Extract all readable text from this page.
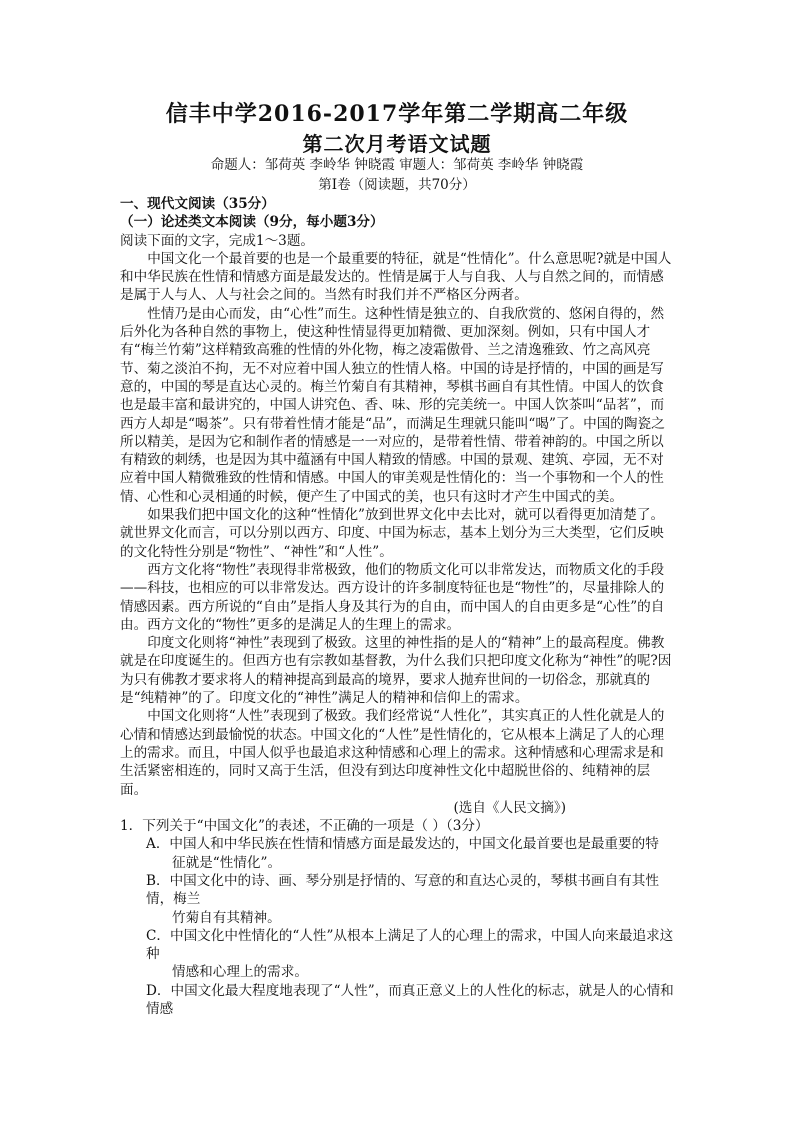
信丰中学2016-2017学年第二学期高二年级
第二次月考语文试题
命题人：邹荷英 李岭华 钟晓霞 审题人：邹荷英 李岭华 钟晓霞
第Ⅰ卷（阅读题，共70分）

一、现代文阅读（35分）

（一）论述类文本阅读（9分，每小题3分）

阅读下面的文字，完成1～3题。

中国文化一个最首要的也是一个最重要的特征，就是“性情化”。什么意思呢?就是中国人和中华民族在性情和情感方面是最发达的。性情是属于人与自我、人与自然之间的，而情感是属于人与人、人与社会之间的。当然有时我们并不严格区分两者。

性情乃是由心而发，由“心性”而生。这种性情是独立的、自我欣赏的、悠闲自得的，然后外化为各种自然的事物上，使这种性情显得更加精微、更加深刻。例如，只有中国人才有“梅兰竹菊”这样精致高雅的性情的外化物，梅之凌霜傲骨、兰之清逸雅致、竹之高风亮节、菊之淡泊不拘，无不对应着中国人独立的性情人格。中国的诗是抒情的，中国的画是写意的，中国的琴是直达心灵的。梅兰竹菊自有其精神，琴棋书画自有其性情。中国人的饮食也是最丰富和最讲究的，中国人讲究色、香、味、形的完美统一。中国人饮茶叫“品茗”，而西方人却是“喝茶”。只有带着性情才能是“品”，而满足生理就只能叫“喝”了。中国的陶瓷之所以精美，是因为它和制作者的情感是一一对应的，是带着性情、带着神韵的。中国之所以有精致的刺绣，也是因为其中蕴涵有中国人精致的情感。中国的景观、建筑、亭园，无不对应着中国人精微雅致的性情和情感。中国人的审美观是性情化的：当一个事物和一个人的性情、心性和心灵相通的时候，便产生了中国式的美，也只有这时才产生中国式的美。

如果我们把中国文化的这种“性情化”放到世界文化中去比对，就可以看得更加清楚了。就世界文化而言，可以分别以西方、印度、中国为标志，基本上划分为三大类型，它们反映的文化特性分别是“物性”、“神性”和“人性”。

西方文化将“物性”表现得非常极致，他们的物质文化可以非常发达，而物质文化的手段——科技，也相应的可以非常发达。西方设计的许多制度特征也是“物性”的，尽量排除人的情感因素。西方所说的“自由”是指人身及其行为的自由，而中国人的自由更多是“心性”的自由。西方文化的“物性”更多的是满足人的生理上的需求。

印度文化则将“神性”表现到了极致。这里的神性指的是人的“精神”上的最高程度。佛教就是在印度诞生的。但西方也有宗教如基督教，为什么我们只把印度文化称为“神性”的呢?因为只有佛教才要求将人的精神提高到最高的境界，要求人抛弃世间的一切俗念，那就真的是“纯精神”的了。印度文化的“神性”满足人的精神和信仰上的需求。

中国文化则将“人性”表现到了极致。我们经常说“人性化”，其实真正的人性化就是人的心情和情感达到最愉悦的状态。中国文化的“人性”是性情化的，它从根本上满足了人的心理上的需求。而且，中国人似乎也最追求这种情感和心理上的需求。这种情感和心理需求是和生活紧密相连的，同时又高于生活，但没有到达印度神性文化中超脱世俗的、纯精神的层面。

(选自《人民文摘》)

1．下列关于“中国文化”的表述，不正确的一项是（ ）（3分）

A．中国人和中华民族在性情和情感方面是最发达的，中国文化最首要也是最重要的特

征就是“性情化”。

B．中国文化中的诗、画、琴分别是抒情的、写意的和直达心灵的，琴棋书画自有其性情，梅兰

竹菊自有其精神。

C．中国文化中性情化的“人性”从根本上满足了人的心理上的需求，中国人向来最追求这种

情感和心理上的需求。

D．中国文化最大程度地表现了“人性”，而真正意义上的人性化的标志，就是人的心情和情感
